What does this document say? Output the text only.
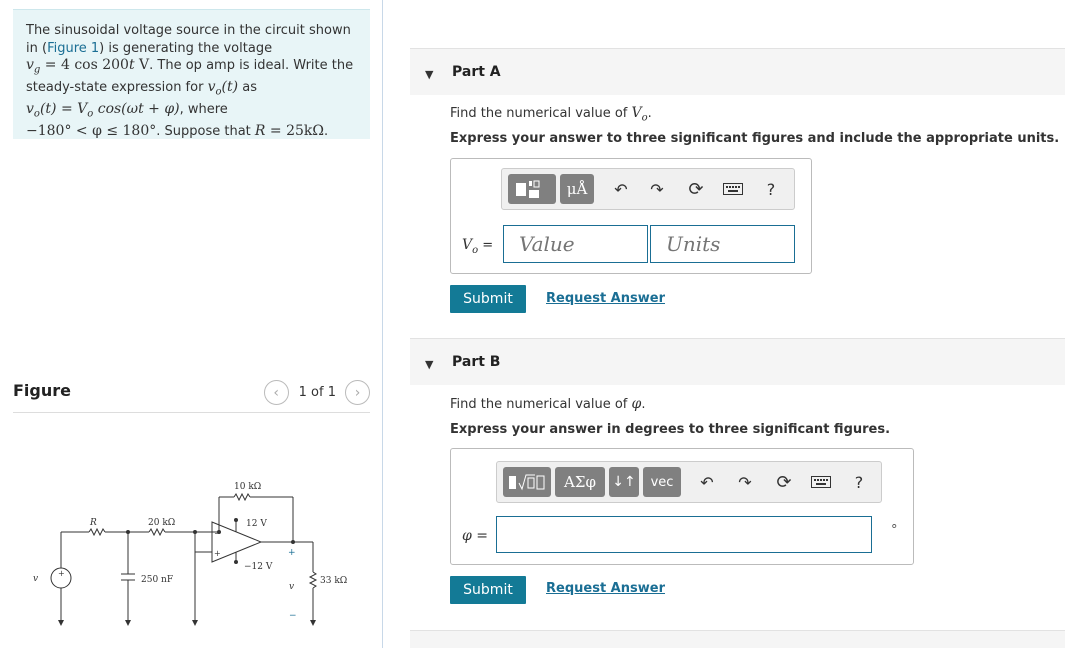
The sinusoidal voltage source in the circuit shown in (Figure 1) is generating the voltage
$v_g = 4$ cos 200t V. The op amp is ideal. Write the steady-state expression for $v_o(t)$ as
$v_o(t) = V_o$ cos(ωt + φ), where
−180° < φ ≤ 180°. Suppose that R = 25kΩ.
Figure	‹	1 of 1	›
10 kΩ
R	20 kΩ	12 V
−12 V
250 nF	33 kΩ
v
v
+
−
+
+
−
▼ Part A
Find the numerical value of $V_o$.
Express your answer to three significant figures and include the appropriate units.
μÅ	↶	↷ ⟳	?
$V_o$ =
Value
Units
Submit	Request Answer
▼ Part B
Find the numerical value of φ.
Express your answer in degrees to three significant figures.
ΑΣφ	↓↑	vec	↶	↷ ⟳	?
φ =	°
Submit	Request Answer
